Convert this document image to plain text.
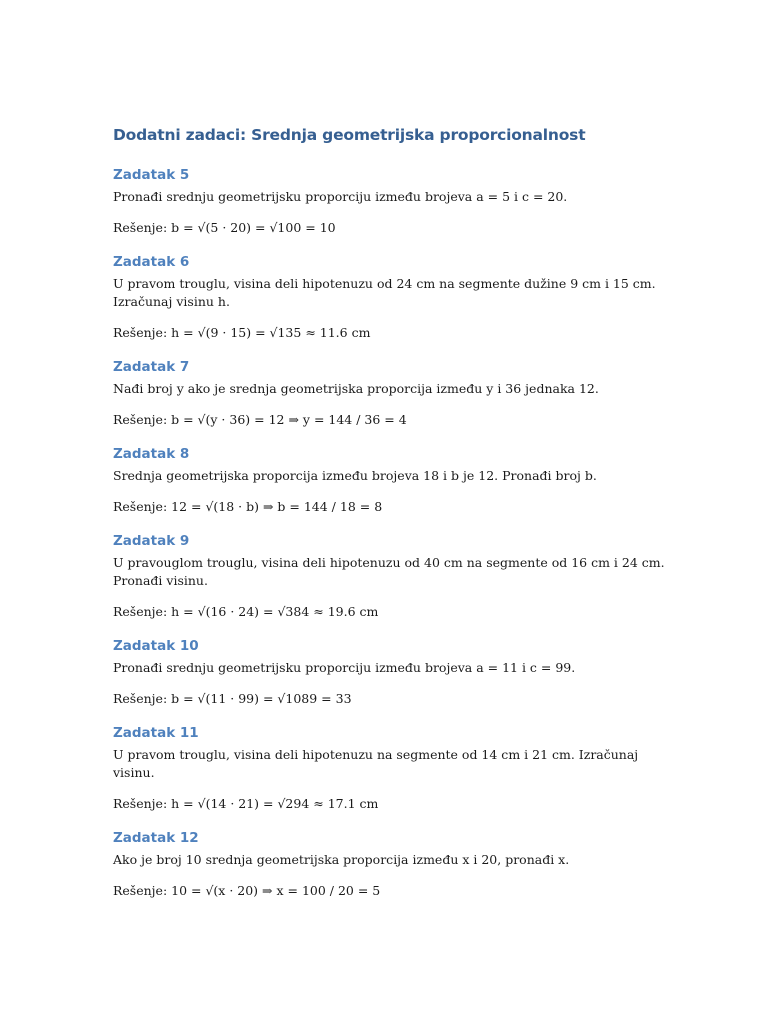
Dodatni zadaci: Srednja geometrijska proporcionalnost
Zadatak 5

Pronađi srednju geometrijsku proporciju između brojeva a = 5 i c = 20.

Rešenje: b = √(5 · 20) = √100 = 10

Zadatak 6

U pravom trouglu, visina deli hipotenuzu od 24 cm na segmente dužine 9 cm i 15 cm. Izračunaj visinu h.

Rešenje: h = √(9 · 15) = √135 ≈ 11.6 cm

Zadatak 7

Nađi broj y ako je srednja geometrijska proporcija između y i 36 jednaka 12.

Rešenje: b = √(y · 36) = 12 ⇒ y = 144 / 36 = 4

Zadatak 8

Srednja geometrijska proporcija između brojeva 18 i b je 12. Pronađi broj b.

Rešenje: 12 = √(18 · b) ⇒ b = 144 / 18 = 8

Zadatak 9

U pravouglom trouglu, visina deli hipotenuzu od 40 cm na segmente od 16 cm i 24 cm. Pronađi visinu.

Rešenje: h = √(16 · 24) = √384 ≈ 19.6 cm

Zadatak 10

Pronađi srednju geometrijsku proporciju između brojeva a = 11 i c = 99.

Rešenje: b = √(11 · 99) = √1089 = 33

Zadatak 11

U pravom trouglu, visina deli hipotenuzu na segmente od 14 cm i 21 cm. Izračunaj visinu.

Rešenje: h = √(14 · 21) = √294 ≈ 17.1 cm

Zadatak 12

Ako je broj 10 srednja geometrijska proporcija između x i 20, pronađi x.

Rešenje: 10 = √(x · 20) ⇒ x = 100 / 20 = 5
